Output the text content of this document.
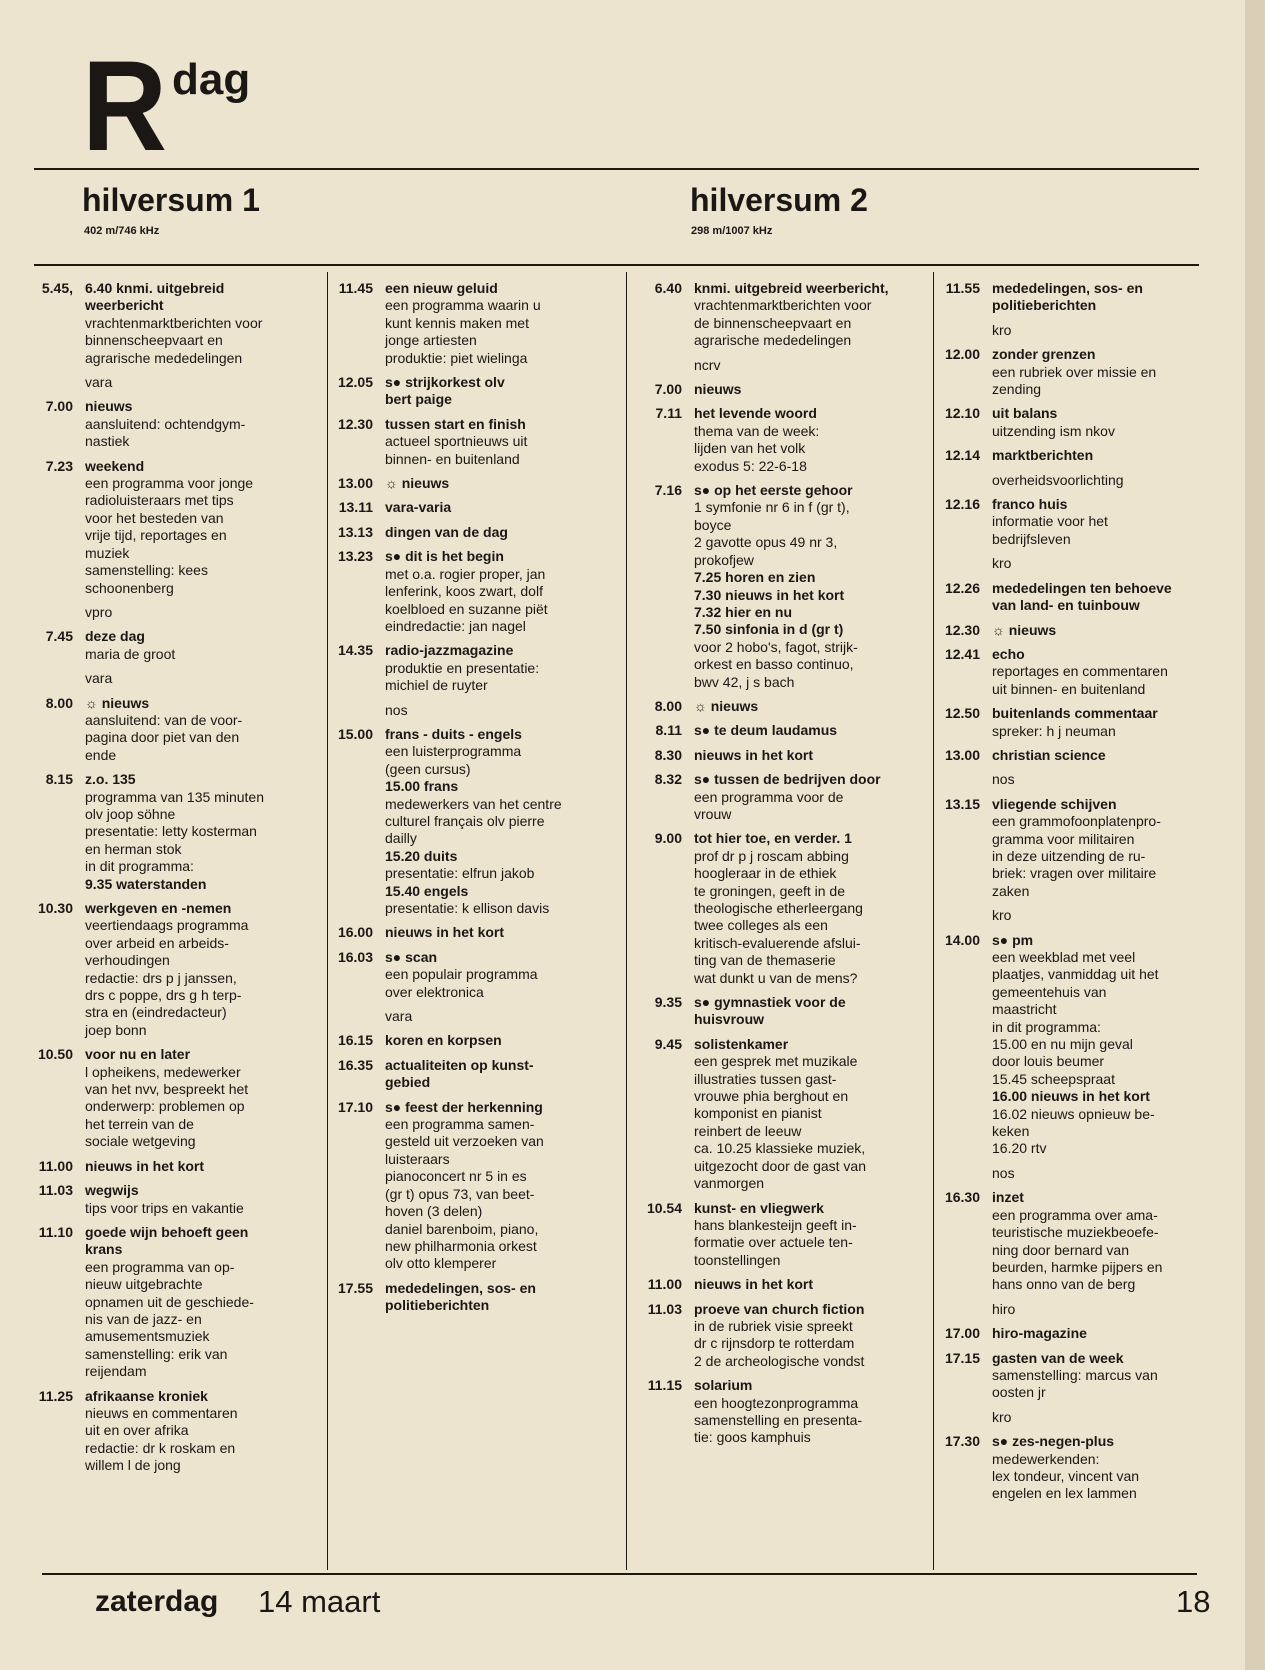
R dag
hilversum 1
402 m/746 kHz
hilversum 2
298 m/1007 kHz
5.45, 6.40 knmi. uitgebreid
weerbericht
vrachtenmarktberichten voor
binnenscheepvaart en
agrarische mededelingen
vara
7.00 nieuws
aansluitend: ochtendgym-
nastiek
7.23 weekend
een programma voor jonge
radioluisteraars met tips
voor het besteden van
vrije tijd, reportages en
muziek
samenstelling: kees
schoonenberg
vpro
7.45 deze dag
maria de groot
vara
8.00 ☼ nieuws
aansluitend: van de voor-
pagina door piet van den
ende
8.15 z.o. 135
programma van 135 minuten
olv joop söhne
presentatie: letty kosterman
en herman stok
in dit programma:
9.35 waterstanden
10.30 werkgeven en -nemen
veertiendaags programma
over arbeid en arbeids-
verhoudingen
redactie: drs p j janssen,
drs c poppe, drs g h terp-
stra en (eindredacteur)
joep bonn
10.50 voor nu en later
l opheikens, medewerker
van het nvv, bespreekt het
onderwerp: problemen op
het terrein van de
sociale wetgeving
11.00 nieuws in het kort
11.03 wegwijs
tips voor trips en vakantie
11.10 goede wijn behoeft geen
krans
een programma van op-
nieuw uitgebrachte
opnamen uit de geschiede-
nis van de jazz- en
amusementsmuziek
samenstelling: erik van
reijendam
11.25 afrikaanse kroniek
nieuws en commentaren
uit en over afrika
redactie: dr k roskam en
willem l de jong
11.45 een nieuw geluid
een programma waarin u
kunt kennis maken met
jonge artiesten
produktie: piet wielinga
12.05 s● strijkorkest olv
bert paige
12.30 tussen start en finish
actueel sportnieuws uit
binnen- en buitenland
13.00 ☼ nieuws
13.11 vara-varia
13.13 dingen van de dag
13.23 s● dit is het begin
met o.a. rogier proper, jan
lenferink, koos zwart, dolf
koelbloed en suzanne piët
eindredactie: jan nagel
14.35 radio-jazzmagazine
produktie en presentatie:
michiel de ruyter
nos
15.00 frans - duits - engels
een luisterprogramma
(geen cursus)
15.00 frans
medewerkers van het centre
culturel français olv pierre
dailly
15.20 duits
presentatie: elfrun jakob
15.40 engels
presentatie: k ellison davis
16.00 nieuws in het kort
16.03 s● scan
een populair programma
over elektronica
vara
16.15 koren en korpsen
16.35 actualiteiten op kunst-
gebied
17.10 s● feest der herkenning
een programma samen-
gesteld uit verzoeken van
luisteraars
pianoconcert nr 5 in es
(gr t) opus 73, van beet-
hoven (3 delen)
daniel barenboim, piano,
new philharmonia orkest
olv otto klemperer
17.55 mededelingen, sos- en
politieberichten
6.40 knmi. uitgebreid weerbericht,
vrachtenmarktberichten voor
de binnenscheepvaart en
agrarische mededelingen
ncrv
7.00 nieuws
7.11 het levende woord
thema van de week:
lijden van het volk
exodus 5: 22-6-18
7.16 s● op het eerste gehoor
1 symfonie nr 6 in f (gr t),
boyce
2 gavotte opus 49 nr 3,
prokofjew
7.25 horen en zien
7.30 nieuws in het kort
7.32 hier en nu
7.50 sinfonia in d (gr t)
voor 2 hobo's, fagot, strijk-
orkest en basso continuo,
bwv 42, j s bach
8.00 ☼ nieuws
8.11 s● te deum laudamus
8.30 nieuws in het kort
8.32 s● tussen de bedrijven door
een programma voor de
vrouw
9.00 tot hier toe, en verder. 1
prof dr p j roscam abbing
hoogleraar in de ethiek
te groningen, geeft in de
theologische etherleergang
twee colleges als een
kritisch-evaluerende afslui-
ting van de themaserie
wat dunkt u van de mens?
9.35 s● gymnastiek voor de
huisvrouw
9.45 solistenkamer
een gesprek met muzikale
illustraties tussen gast-
vrouwe phia berghout en
komponist en pianist
reinbert de leeuw
ca. 10.25 klassieke muziek,
uitgezocht door de gast van
vanmorgen
10.54 kunst- en vliegwerk
hans blankesteijn geeft in-
formatie over actuele ten-
toonstellingen
11.00 nieuws in het kort
11.03 proeve van church fiction
in de rubriek visie spreekt
dr c rijnsdorp te rotterdam
2 de archeologische vondst
11.15 solarium
een hoogtezonprogramma
samenstelling en presenta-
tie: goos kamphuis
11.55 mededelingen, sos- en
politieberichten
kro
12.00 zonder grenzen
een rubriek over missie en
zending
12.10 uit balans
uitzending ism nkov
12.14 marktberichten
overheidsvoorlichting
12.16 franco huis
informatie voor het
bedrijfsleven
kro
12.26 mededelingen ten behoeve
van land- en tuinbouw
12.30 ☼ nieuws
12.41 echo
reportages en commentaren
uit binnen- en buitenland
12.50 buitenlands commentaar
spreker: h j neuman
13.00 christian science
nos
13.15 vliegende schijven
een grammofoonplatenpro-
gramma voor militairen
in deze uitzending de ru-
briek: vragen over militaire
zaken
kro
14.00 s● pm
een weekblad met veel
plaatjes, vanmiddag uit het
gemeentehuis van
maastricht
in dit programma:
15.00 en nu mijn geval
door louis beumer
15.45 scheepspraat
16.00 nieuws in het kort
16.02 nieuws opnieuw be-
keken
16.20 rtv
nos
16.30 inzet
een programma over ama-
teuristische muziekbeoefe-
ning door bernard van
beurden, harmke pijpers en
hans onno van de berg
hiro
17.00 hiro-magazine
17.15 gasten van de week
samenstelling: marcus van
oosten jr
kro
17.30 s● zes-negen-plus
medewerkenden:
lex tondeur, vincent van
engelen en lex lammen
zaterdag 14 maart	18
